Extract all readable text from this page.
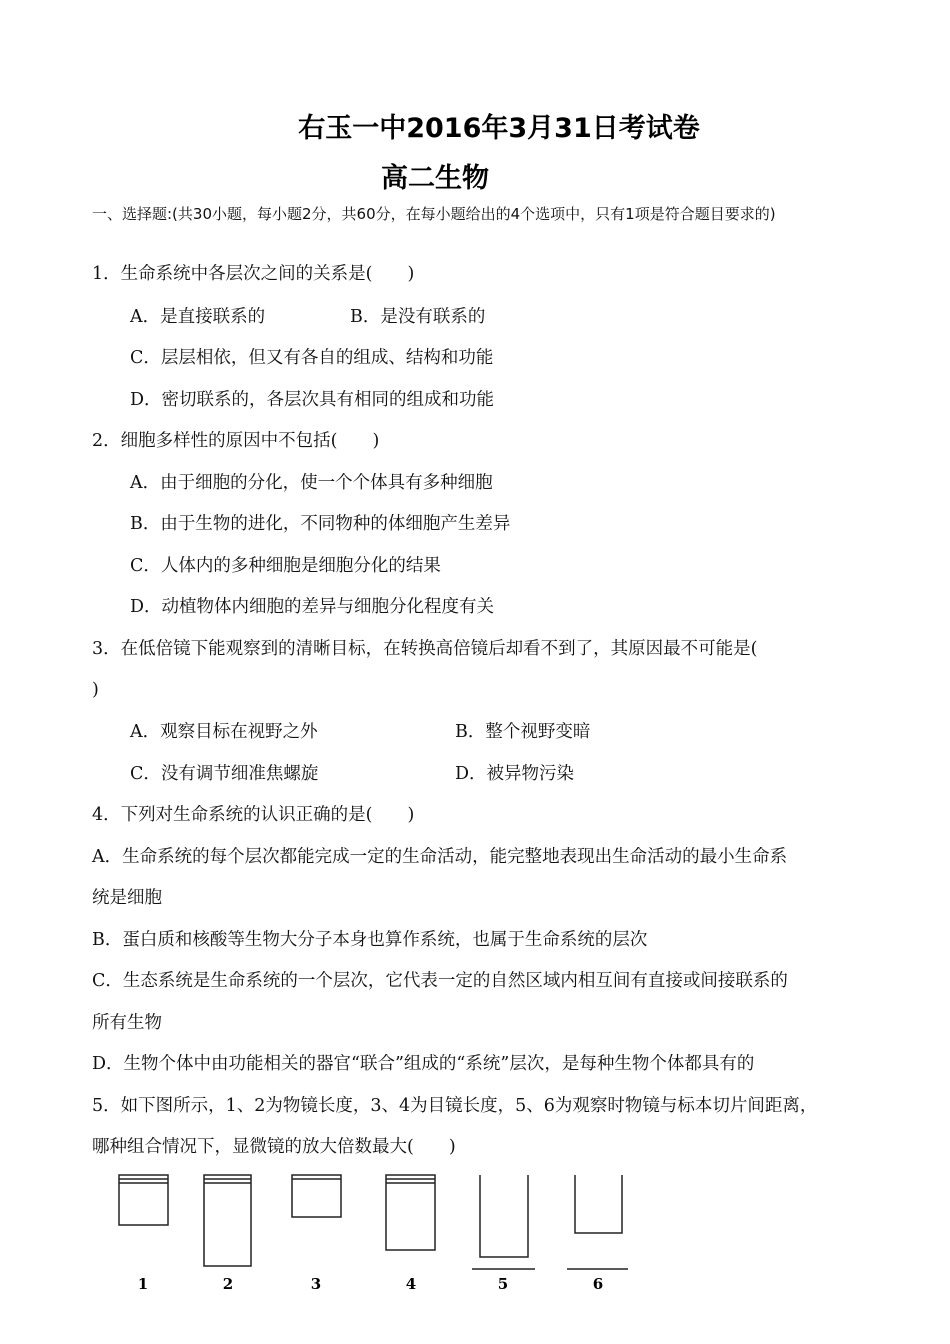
右玉一中2016年3月31日考试卷
高二生物
一、选择题:(共30小题，每小题2分，共60分，在每小题给出的4个选项中，只有1项是符合题目要求的)
1．生命系统中各层次之间的关系是(　　)
A．是直接联系的	B．是没有联系的
C．层层相依，但又有各自的组成、结构和功能
D．密切联系的，各层次具有相同的组成和功能
2．细胞多样性的原因中不包括(　　)
A．由于细胞的分化，使一个个体具有多种细胞
B．由于生物的进化，不同物种的体细胞产生差异
C．人体内的多种细胞是细胞分化的结果
D．动植物体内细胞的差异与细胞分化程度有关
3．在低倍镜下能观察到的清晰目标，在转换高倍镜后却看不到了，其原因最不可能是(
)
A．观察目标在视野之外	B．整个视野变暗
C．没有调节细准焦螺旋	D．被异物污染
4．下列对生命系统的认识正确的是(　　)
A．生命系统的每个层次都能完成一定的生命活动，能完整地表现出生命活动的最小生命系
统是细胞
B．蛋白质和核酸等生物大分子本身也算作系统，也属于生命系统的层次
C．生态系统是生命系统的一个层次，它代表一定的自然区域内相互间有直接或间接联系的
所有生物
D．生物个体中由功能相关的器官“联合”组成的“系统”层次，是每种生物个体都具有的
5．如下图所示，1、2为物镜长度，3、4为目镜长度，5、6为观察时物镜与标本切片间距离，
哪种组合情况下，显微镜的放大倍数最大(　　)
1	2	3	4	5	6
